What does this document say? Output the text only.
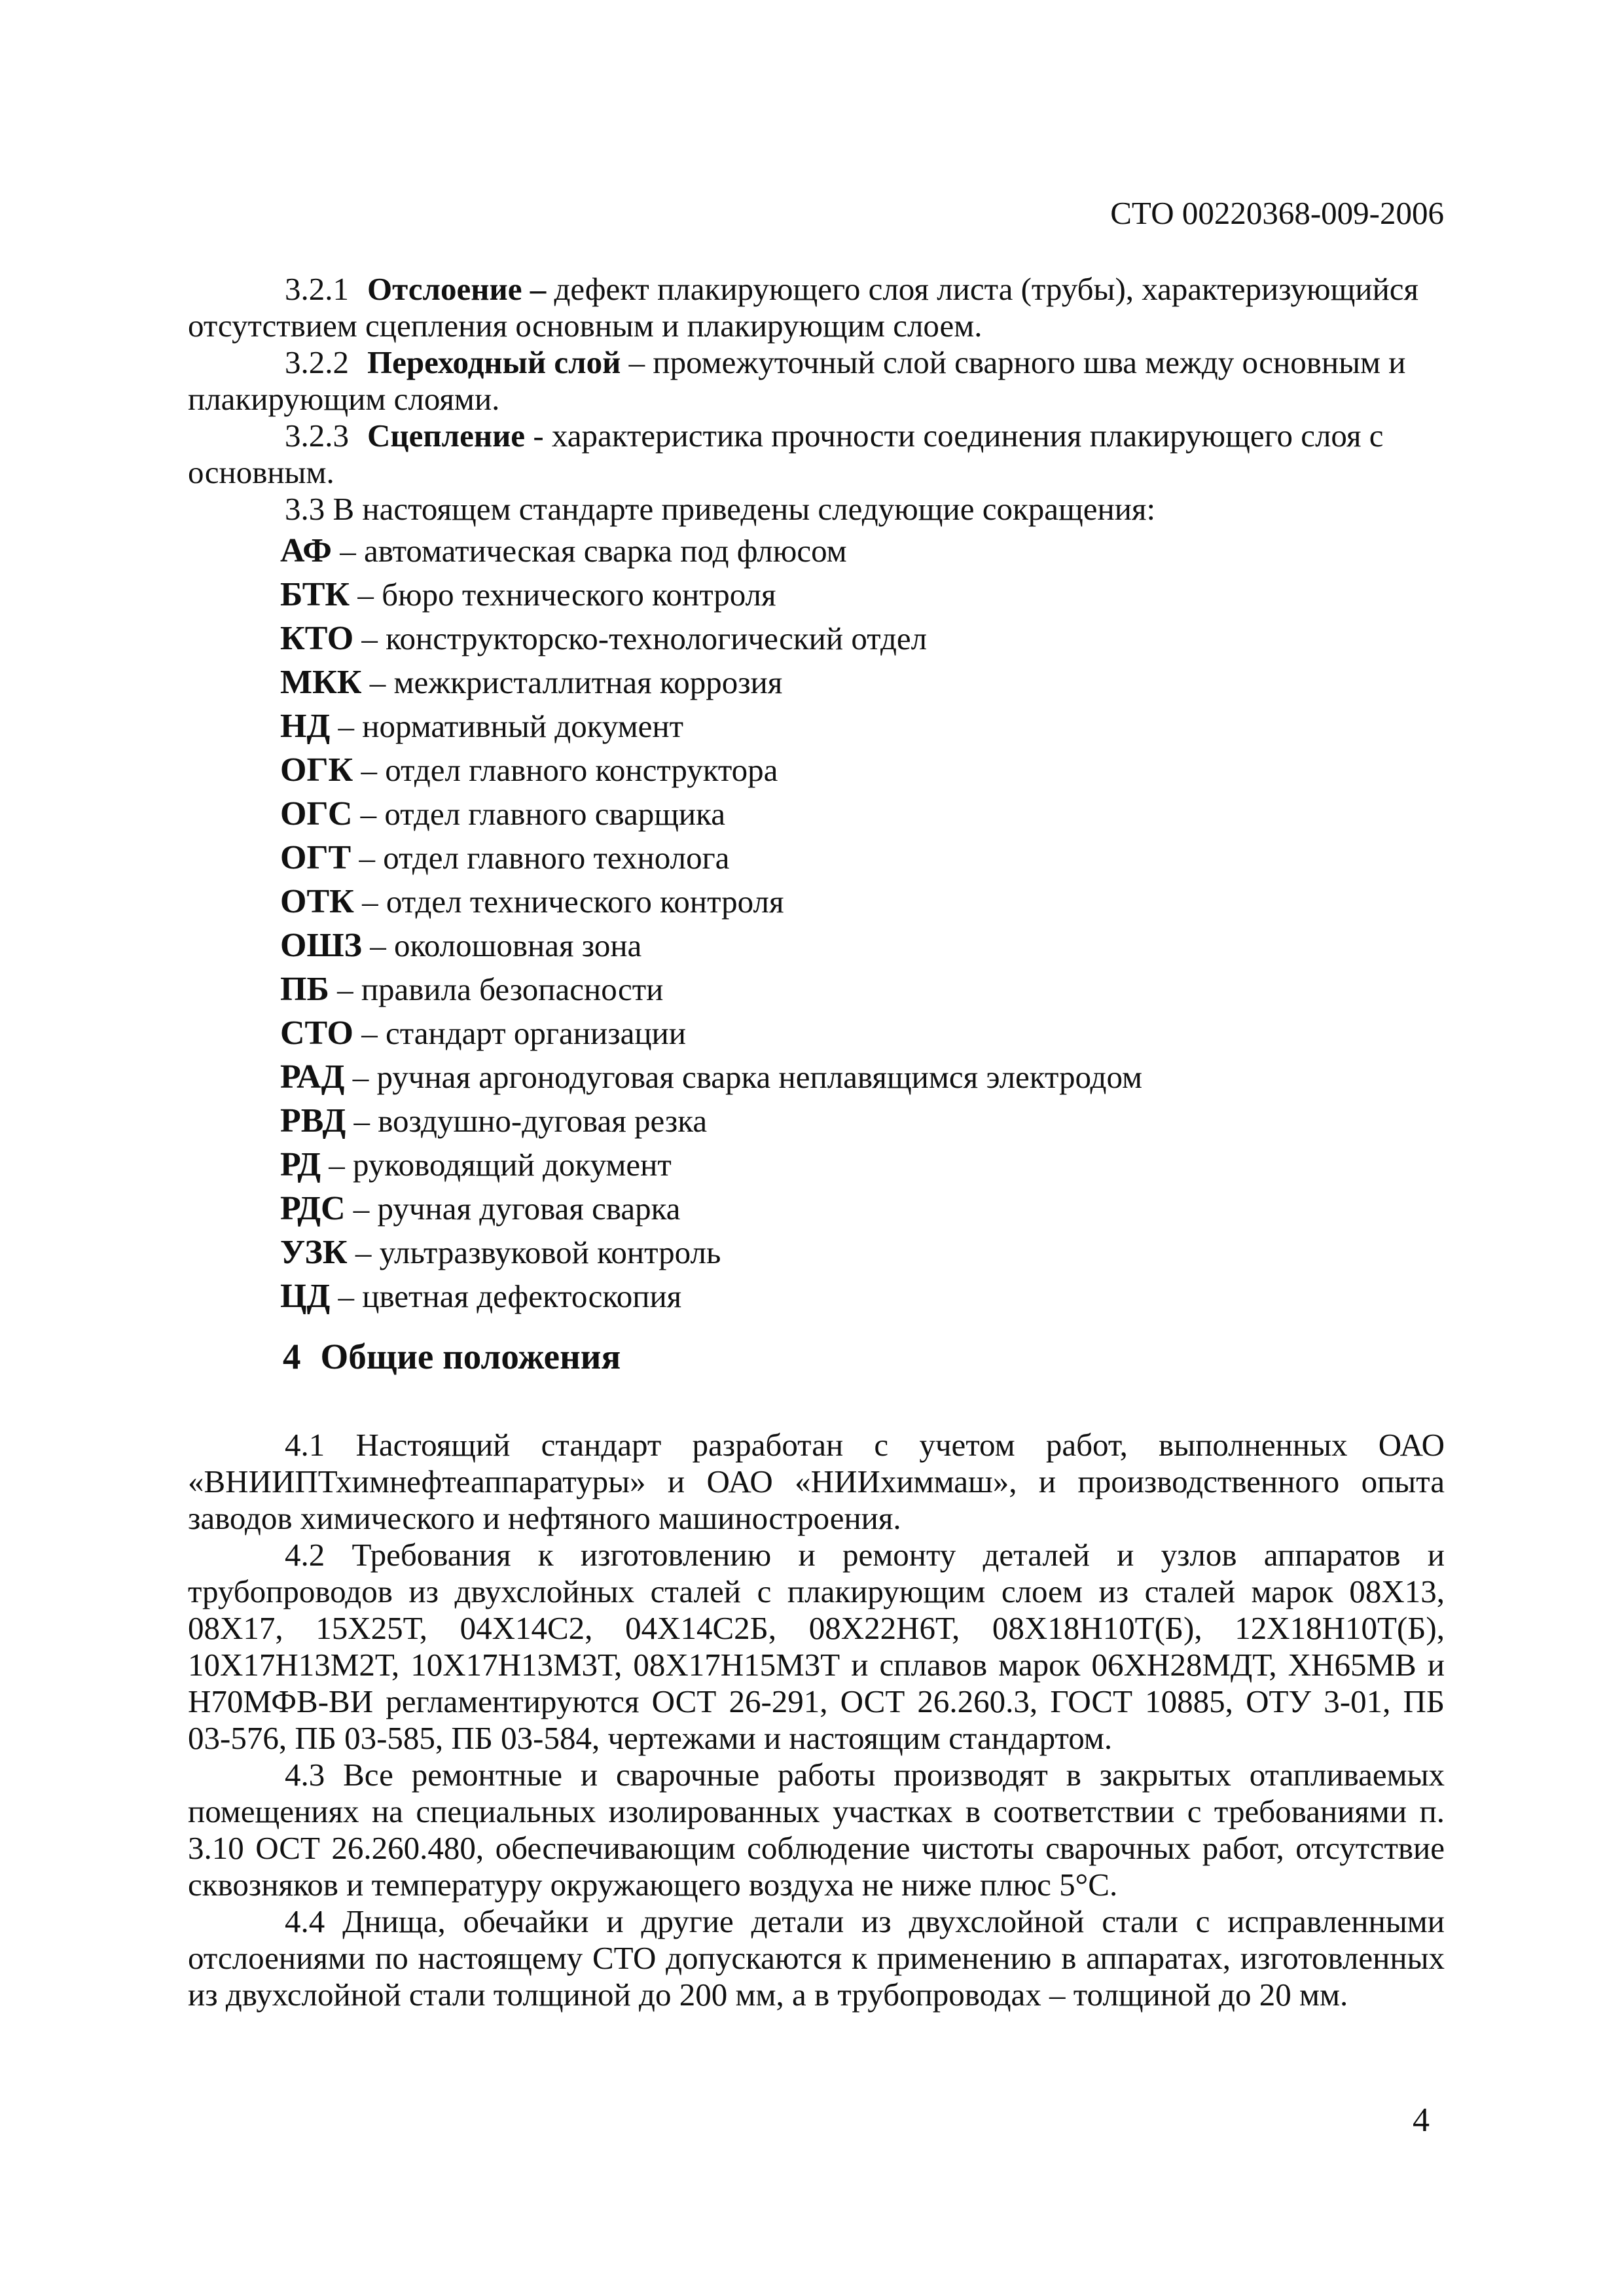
СТО 00220368-009-2006

3.2.1 Отслоение – дефект плакирующего слоя листа (трубы), характеризующийся отсутствием сцепления основным и плакирующим слоем.

3.2.2 Переходный слой – промежуточный слой сварного шва между основным и плакирующим слоями.

3.2.3 Сцепление - характеристика прочности соединения плакирующего слоя с основным.

3.3 В настоящем стандарте приведены следующие сокращения:

АФ – автоматическая сварка под флюсом
БТК – бюро технического контроля
КТО – конструкторско-технологический отдел
МКК – межкристаллитная коррозия
НД – нормативный документ
ОГК – отдел главного конструктора
ОГС – отдел главного сварщика
ОГТ – отдел главного технолога
ОТК – отдел технического контроля
ОШЗ – околошовная зона
ПБ – правила безопасности
СТО – стандарт организации
РАД – ручная аргонодуговая сварка неплавящимся электродом
РВД – воздушно-дуговая резка
РД – руководящий документ
РДС – ручная дуговая сварка
УЗК – ультразвуковой контроль
ЦД – цветная дефектоскопия
4 Общие положения

4.1 Настоящий стандарт разработан с учетом работ, выполненных ОАО «ВНИИПТхимнефтеаппаратуры» и ОАО «НИИхиммаш», и производственного опыта заводов химического и нефтяного машиностроения.

4.2 Требования к изготовлению и ремонту деталей и узлов аппаратов и трубопроводов из двухслойных сталей с плакирующим слоем из сталей марок 08Х13, 08Х17, 15Х25Т, 04Х14С2, 04Х14С2Б, 08Х22Н6Т, 08Х18Н10Т(Б), 12Х18Н10Т(Б), 10Х17Н13М2Т, 10Х17Н13М3Т, 08Х17Н15М3Т и сплавов марок 06ХН28МДТ, ХН65МВ и Н70МФВ-ВИ регламентируются ОСТ 26-291, ОСТ 26.260.3, ГОСТ 10885, ОТУ 3-01, ПБ 03-576, ПБ 03-585, ПБ 03-584, чертежами и настоящим стандартом.

4.3 Все ремонтные и сварочные работы производят в закрытых отапливаемых помещениях на специальных изолированных участках в соответствии с требованиями п. 3.10 ОСТ 26.260.480, обеспечивающим соблюдение чистоты сварочных работ, отсутствие сквозняков и температуру окружающего воздуха не ниже плюс 5°С.

4.4 Днища, обечайки и другие детали из двухслойной стали с исправленными отслоениями по настоящему СТО допускаются к применению в аппаратах, изготовленных из двухслойной стали толщиной до 200 мм, а в трубопроводах – толщиной до 20 мм.

4
